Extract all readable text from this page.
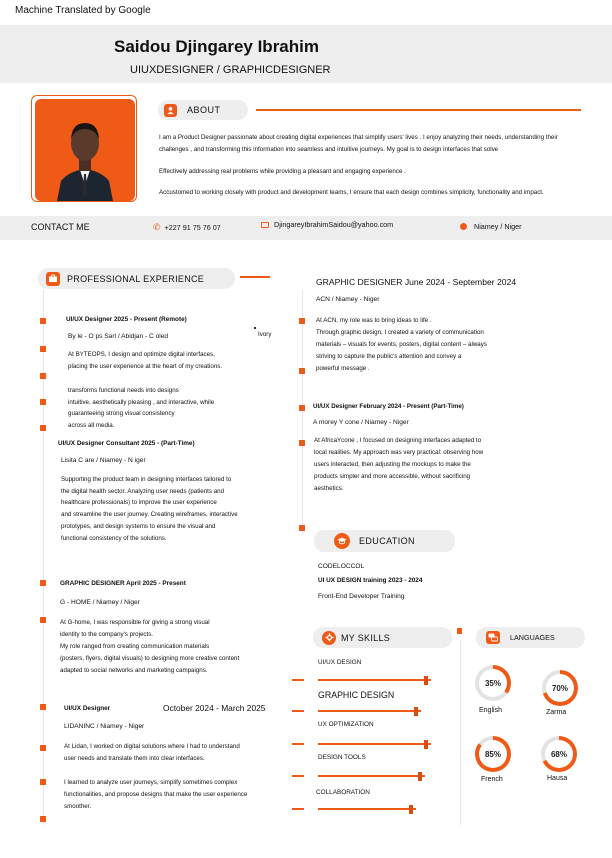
Machine Translated by Google
Saidou Djingarey Ibrahim
UIUXDESIGNER / GRAPHICDESIGNER
ABOUT
I am a Product Designer passionate about creating digital experiences that simplify users' lives . I enjoy analyzing their needs, understanding their challenges , and transforming this information into seamless and intuitive journeys. My goal is to design interfaces that solve
Effectively addressing real problems while providing a pleasant and engaging experience .
Accustomed to working closely with product and development teams, I ensure that each design combines simplicity, functionality and impact.
CONTACT ME	✆ +227 91 75 76 07	DjingareyIbrahimSaidou@yahoo.com	Niamey / Niger
PROFESSIONAL EXPERIENCE
UI/UX Designer 2025 - Present (Remote)
By le - O ps Sarl / Abidjan - C oled	Ivory
At BYTEOPS, I design and optimize digital interfaces,
placing the user experience at the heart of my creations.
transforms functional needs into designs
intuitive, aesthetically pleasing , and interactive, while
guaranteeing strong visual consistency
across all media.
UI/UX Designer Consultant 2025 - (Part-Time)
Lisita C are / Niamey - N iger
Supporting the product team in designing interfaces tailored to
the digital health sector. Analyzing user needs (patients and
healthcare professionals) to improve the user experience
and streamline the user journey. Creating wireframes, interactive
prototypes, and design systems to ensure the visual and
functional consistency of the solutions.
GRAPHIC DESIGNER April 2025 - Present
G - HOME / Niamey / Niger
At G-home, I was responsible for giving a strong visual
identity to the company's projects.
My role ranged from creating communication materials
(posters, flyers, digital visuals) to designing more creative content
adapted to social networks and marketing campaigns.
UI/UX Designer	October 2024 - March 2025
LIDANINC / Niamey - Niger
At Lidan, I worked on digital solutions where I had to understand
user needs and translate them into clear interfaces.
I learned to analyze user journeys, simplify sometimes complex
functionalities, and propose designs that make the user experience
smoother.
GRAPHIC DESIGNER June 2024 - September 2024
ACN / Niamey - Niger
At ACN, my role was to bring ideas to life .
Through graphic design, I created a variety of communication
materials – visuals for events, posters, digital content – always
striving to capture the public's attention and convey a
powerful message .
UI/UX Designer February 2024 - Present (Part-Time)
A morey Y cone / Niamey - Niger
At AfricaYcone , I focused on designing interfaces adapted to
local realities. My approach was very practical: observing how
users interacted, then adjusting the mockups to make the
products simpler and more accessible, without sacrificing
aesthetics.
EDUCATION
CODELOCCOL
UI UX DESIGN training 2023 - 2024
Front-End Developer Training
MY SKILLS
UI/UX DESIGN
GRAPHIC DESIGN
UX OPTIMIZATION
DESIGN TOOLS
COLLABORATION
LANGUAGES
35%
English
70%
Zarma
85%
French
68%
Hausa
